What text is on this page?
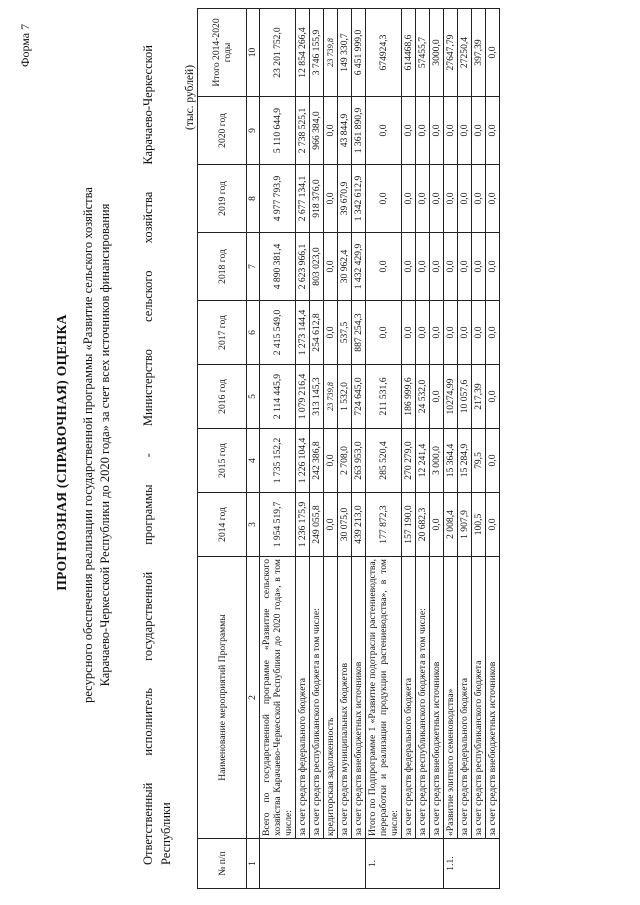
Форма 7
ПРОГНОЗНАЯ (СПРАВОЧНАЯ) ОЦЕНКА ресурсного обеспечения реализации государственной программы «Развитие сельского хозяйства Карачаево-Черкесской Республики до 2020 года» за счет всех источников финансирования Ответственный исполнитель государственной программы - Министерство сельского хозяйства Карачаево-Черкесской Республики
(тыс. рублей)
№ п/п	Наименование мероприятий Программы	2014 год	2015 год	2016 год	2017 год	2018 год	2019 год	2020 год	Итого 2014-2020 годы
1	2	3	4	5	6	7	8	9	10
	Всего по государственной программе «Развитие сельского хозяйства Карачаево-Черкесской Республики до 2020 года», в том числе:	1 954 519,7	1 735 152,2	2 114 445,9	2 415 549,0	4 890 381,4	4 977 793,9	5 110 644,9	23 201 752,0
	за счет средств федерального бюджета	1 236 175,9	1 226 104,4	1 079 216,4	1 273 144,4	2 623 966,1	2 677 134,1	2 738 525,1	12 854 266,4
	за счет средств республиканского бюджета в том числе:	249 055,8	242 386,8	313 145,3	254 612,8	803 023,0	918 376,0	966 384,0	3 746 155,9
	кредиторская задолженность	0,0	0,0	23 739,8	0,0	0,0	0,0	0,0	23 739,8
	за счет средств муниципальных бюджетов	30 075,0	2 708,0	1 532,0	537,5	30 962,4	39 670,9	43 844,9	149 330,7
	за счет средств внебюджетных источников	439 213,0	263 953,0	724 645,0	887 254,3	1 432 429,9	1 342 612,9	1 361 890,9	6 451 999,0
1.	Итого по Подпрограмме 1 «Развитие подотрасли растениеводства, переработки и реализации продукции растениеводства», в том числе:	177 872,3	285 520,4	211 531,6	0,0	0,0	0,0	0,0	674924,3
	за счет средств федерального бюджета	157 190,0	270 279,0	186 999,6	0,0	0,0	0,0	0,0	614468,6
	за счет средств республиканского бюджета в том числе:	20 682,3	12 241,4	24 532,0	0,0	0,0	0,0	0,0	57455,7
	за счет средств внебюджетных источников	0,0	3 000,0	0,0	0,0	0,0	0,0	0,0	3000,0
1.1.	«Развитие элитного семеноводства»	2 008,4	15 364,4	10274,99	0,0	0,0	0,0	0,0	27647,79
	за счет средств федерального бюджета	1 907,9	15 284,9	10 057,6	0,0	0,0	0,0	0,0	27250,4
	за счет средств республиканского бюджета	100,5	79,5	217,39	0,0	0,0	0,0	0,0	397,39
	за счет средств внебюджетных источников	0,0	0,0	0,0	0,0	0,0	0,0	0,0	0,0
